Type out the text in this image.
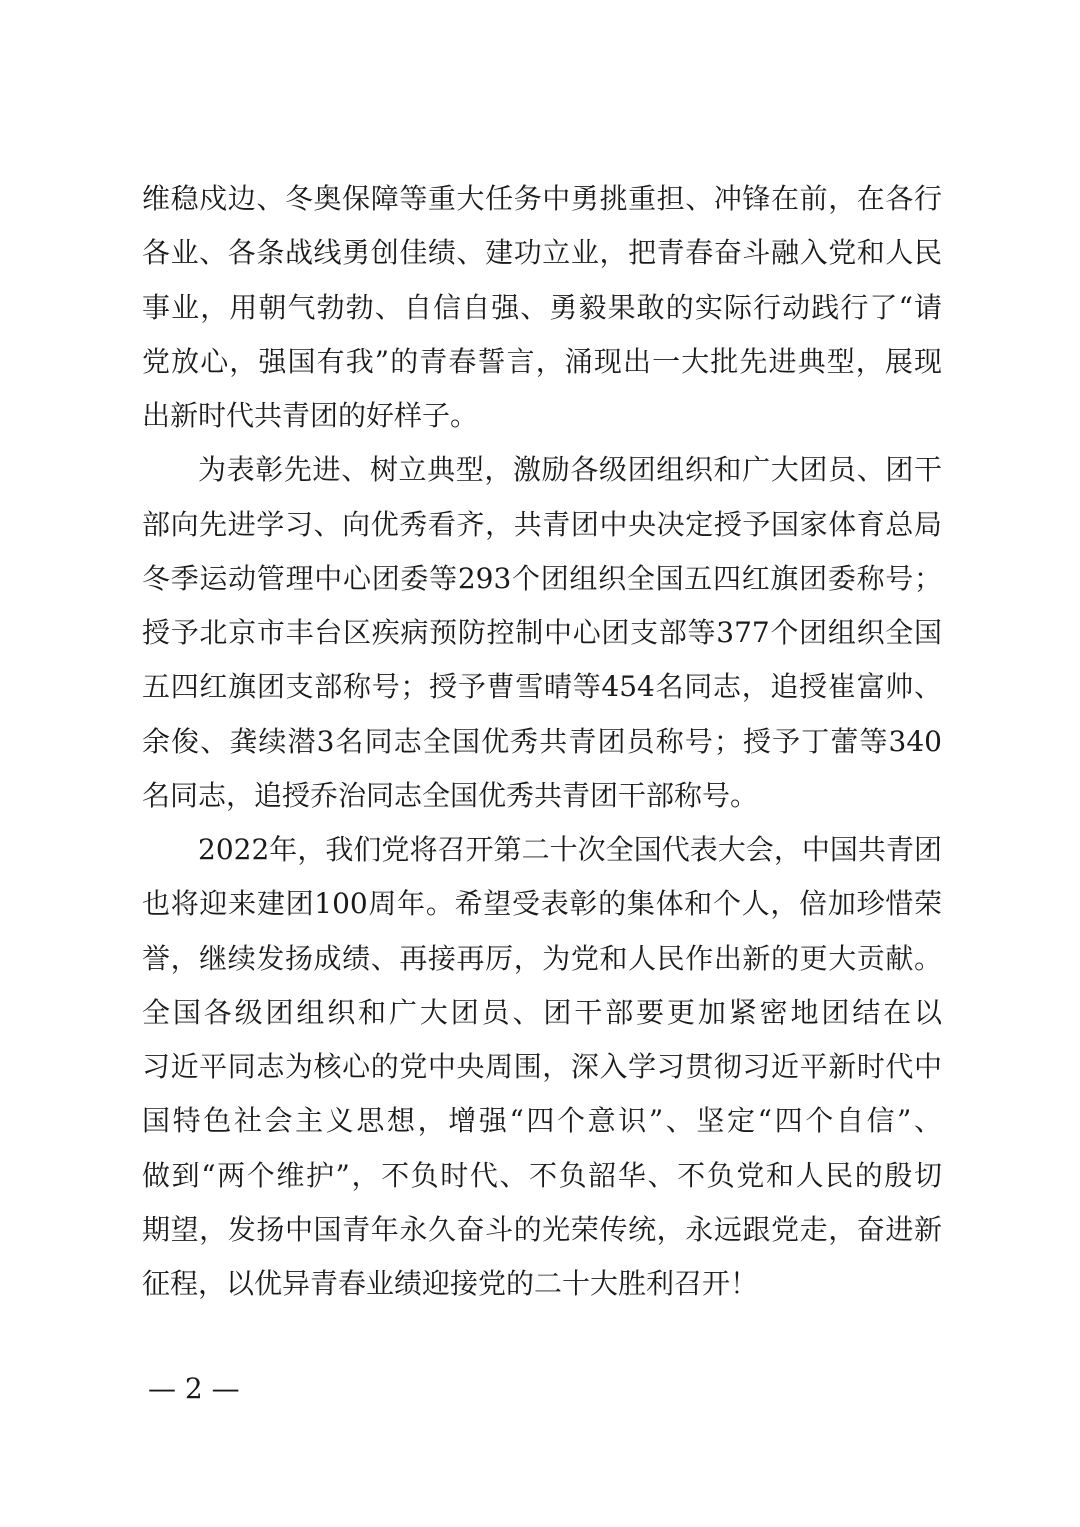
维稳戍边、冬奥保障等重大任务中勇挑重担、冲锋在前，在各行
各业、各条战线勇创佳绩、建功立业，把青春奋斗融入党和人民
事业，用朝气勃勃、自信自强、勇毅果敢的实际行动践行了“请
党放心，强国有我”的青春誓言，涌现出一大批先进典型，展现
出新时代共青团的好样子。
为表彰先进、树立典型，激励各级团组织和广大团员、团干
部向先进学习、向优秀看齐，共青团中央决定授予国家体育总局
冬季运动管理中心团委等293个团组织全国五四红旗团委称号；
授予北京市丰台区疾病预防控制中心团支部等377个团组织全国
五四红旗团支部称号；授予曹雪晴等454名同志，追授崔富帅、
余俊、龚续潜3名同志全国优秀共青团员称号；授予丁蕾等340
名同志，追授乔治同志全国优秀共青团干部称号。
2022年，我们党将召开第二十次全国代表大会，中国共青团
也将迎来建团100周年。希望受表彰的集体和个人，倍加珍惜荣
誉，继续发扬成绩、再接再厉，为党和人民作出新的更大贡献。
全国各级团组织和广大团员、团干部要更加紧密地团结在以
习近平同志为核心的党中央周围，深入学习贯彻习近平新时代中
国特色社会主义思想，增强“四个意识”、坚定“四个自信”、
做到“两个维护”，不负时代、不负韶华、不负党和人民的殷切
期望，发扬中国青年永久奋斗的光荣传统，永远跟党走，奋进新
征程，以优异青春业绩迎接党的二十大胜利召开！
— 2 —
